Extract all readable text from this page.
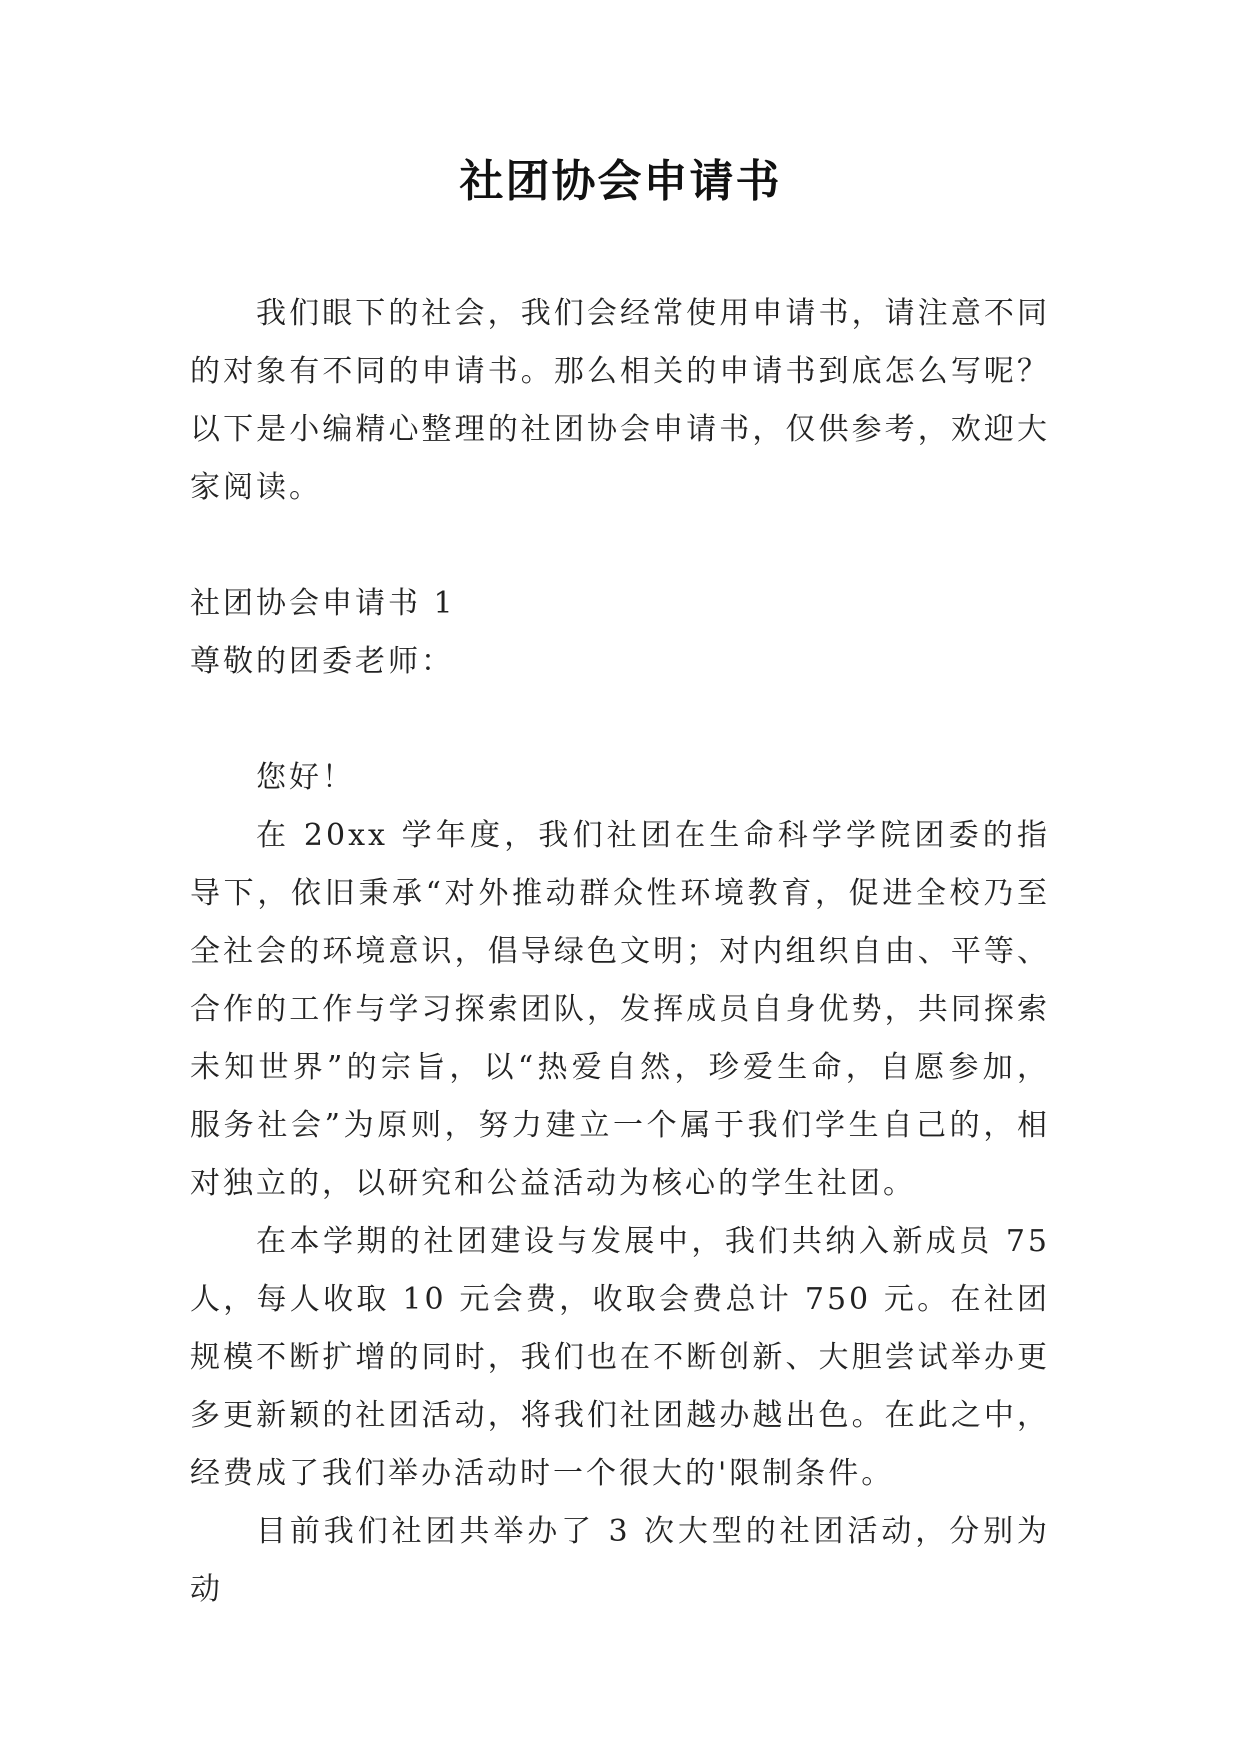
社团协会申请书

我们眼下的社会，我们会经常使用申请书，请注意不同的对象有不同的申请书。那么相关的申请书到底怎么写呢？以下是小编精心整理的社团协会申请书，仅供参考，欢迎大家阅读。

社团协会申请书 1

尊敬的团委老师：

您好！

在 20xx 学年度，我们社团在生命科学学院团委的指导下，依旧秉承“对外推动群众性环境教育，促进全校乃至全社会的环境意识，倡导绿色文明；对内组织自由、平等、合作的工作与学习探索团队，发挥成员自身优势，共同探索未知世界”的宗旨，以“热爱自然，珍爱生命，自愿参加，服务社会”为原则，努力建立一个属于我们学生自己的，相对独立的，以研究和公益活动为核心的学生社团。

在本学期的社团建设与发展中，我们共纳入新成员 75 人，每人收取 10 元会费，收取会费总计 750 元。在社团规模不断扩增的同时，我们也在不断创新、大胆尝试举办更多更新颖的社团活动，将我们社团越办越出色。在此之中，经费成了我们举办活动时一个很大的'限制条件。

目前我们社团共举办了 3 次大型的社团活动，分别为动
